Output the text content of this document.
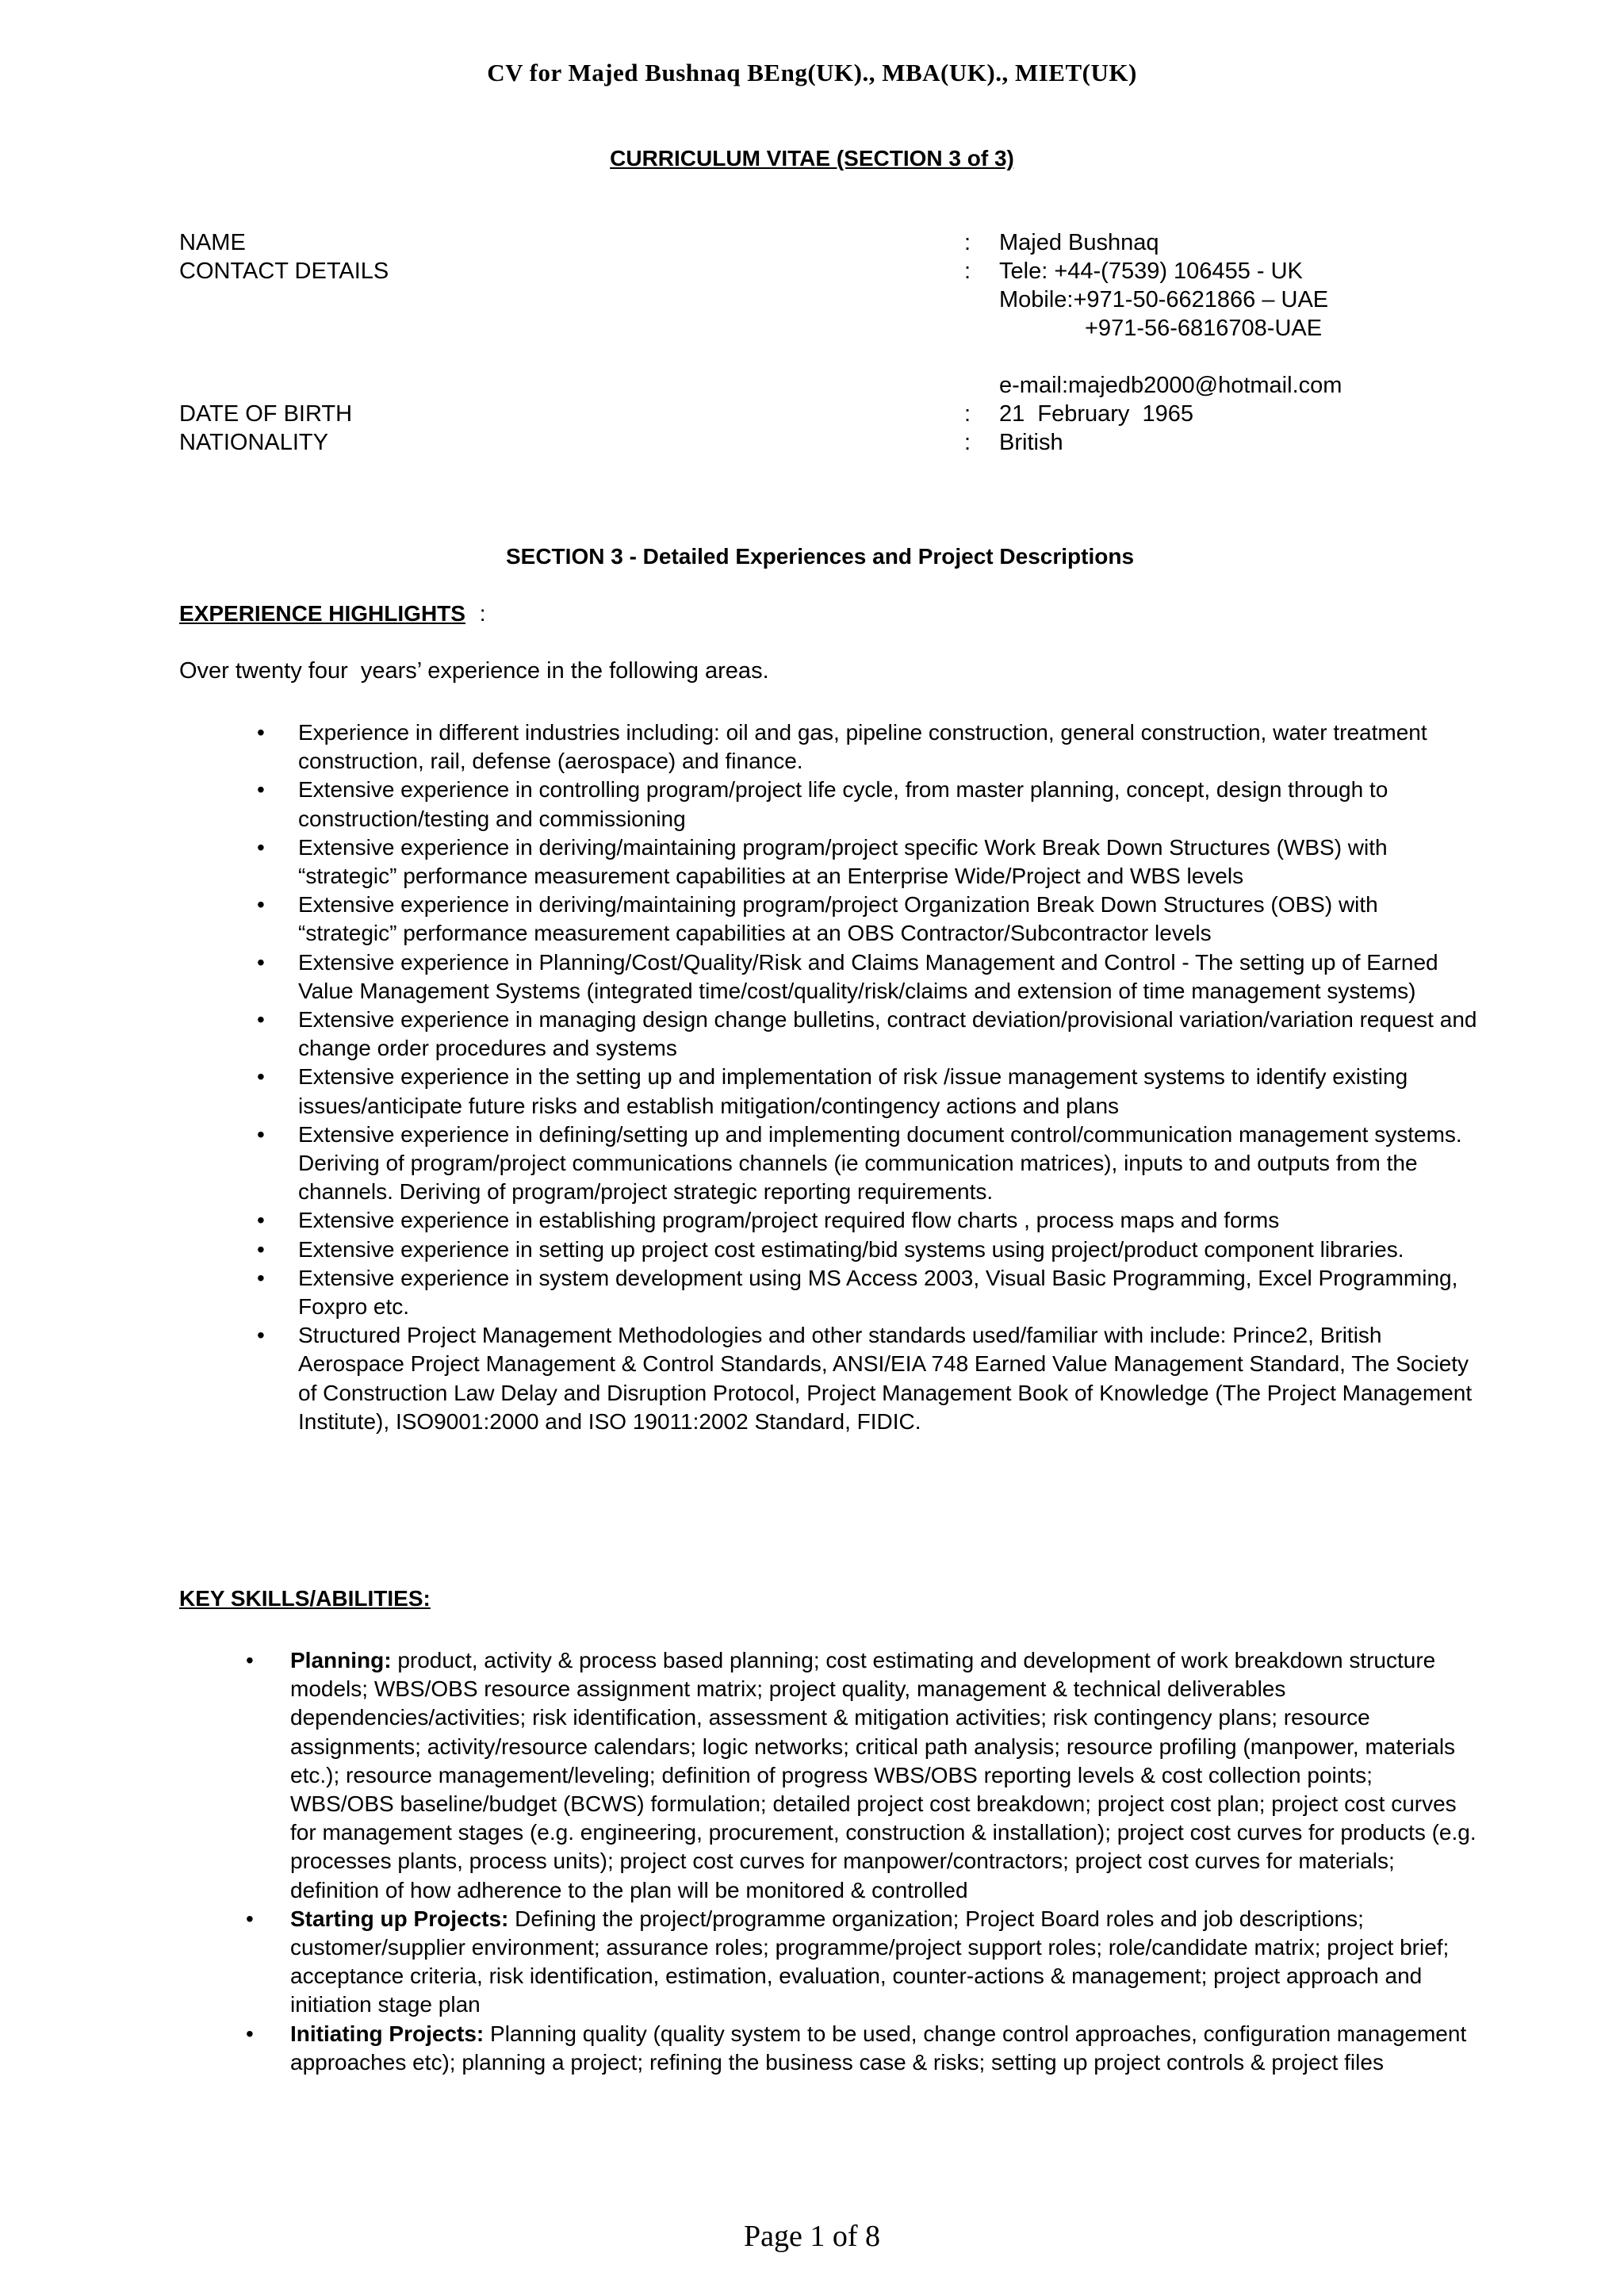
CV for Majed Bushnaq BEng(UK)., MBA(UK)., MIET(UK)
CURRICULUM VITAE (SECTION 3 of 3)
NAME	:	Majed Bushnaq
CONTACT DETAILS	:	Tele: +44-(7539) 106455 - UK
Mobile:+971-50-6621866 – UAE
+971-56-6816708-UAE
e-mail:majedb2000@hotmail.com
DATE OF BIRTH	:	21  February  1965
NATIONALITY	:	British
SECTION 3 - Detailed Experiences and Project Descriptions
EXPERIENCE HIGHLIGHTS :
Over twenty four  years’ experience in the following areas.
• Experience in different industries including: oil and gas, pipeline construction, general construction, water treatment construction, rail, defense (aerospace) and finance.
• Extensive experience in controlling program/project life cycle, from master planning, concept, design through to construction/testing and commissioning
• Extensive experience in deriving/maintaining program/project specific Work Break Down Structures (WBS) with “strategic” performance measurement capabilities at an Enterprise Wide/Project and WBS levels
• Extensive experience in deriving/maintaining program/project Organization Break Down Structures (OBS) with “strategic” performance measurement capabilities at an OBS Contractor/Subcontractor levels
• Extensive experience in Planning/Cost/Quality/Risk and Claims Management and Control - The setting up of Earned Value Management Systems (integrated time/cost/quality/risk/claims and extension of time management systems)
• Extensive experience in managing design change bulletins, contract deviation/provisional variation/variation request and change order procedures and systems
• Extensive experience in the setting up and implementation of risk /issue management systems to identify existing issues/anticipate future risks and establish mitigation/contingency actions and plans
• Extensive experience in defining/setting up and implementing document control/communication management systems. Deriving of program/project communications channels (ie communication matrices), inputs to and outputs from the channels. Deriving of program/project strategic reporting requirements.
• Extensive experience in establishing program/project required flow charts , process maps and forms
• Extensive experience in setting up project cost estimating/bid systems using project/product component libraries.
• Extensive experience in system development using MS Access 2003, Visual Basic Programming, Excel Programming, Foxpro etc.
• Structured Project Management Methodologies and other standards used/familiar with include: Prince2, British Aerospace Project Management & Control Standards, ANSI/EIA 748 Earned Value Management Standard, The Society of Construction Law Delay and Disruption Protocol, Project Management Book of Knowledge (The Project Management Institute), ISO9001:2000 and ISO 19011:2002 Standard, FIDIC.
KEY SKILLS/ABILITIES:
• Planning: product, activity & process based planning; cost estimating and development of work breakdown structure models; WBS/OBS resource assignment matrix; project quality, management & technical deliverables dependencies/activities; risk identification, assessment & mitigation activities; risk contingency plans; resource assignments; activity/resource calendars; logic networks; critical path analysis; resource profiling (manpower, materials etc.); resource management/leveling; definition of progress WBS/OBS reporting levels & cost collection points; WBS/OBS baseline/budget (BCWS) formulation; detailed project cost breakdown; project cost plan; project cost curves for management stages (e.g. engineering, procurement, construction & installation); project cost curves for products (e.g. processes plants, process units); project cost curves for manpower/contractors; project cost curves for materials; definition of how adherence to the plan will be monitored & controlled
• Starting up Projects: Defining the project/programme organization; Project Board roles and job descriptions; customer/supplier environment; assurance roles; programme/project support roles; role/candidate matrix; project brief; acceptance criteria, risk identification, estimation, evaluation, counter-actions & management; project approach and initiation stage plan
• Initiating Projects: Planning quality (quality system to be used, change control approaches, configuration management approaches etc); planning a project; refining the business case & risks; setting up project controls & project files
Page 1 of 8
